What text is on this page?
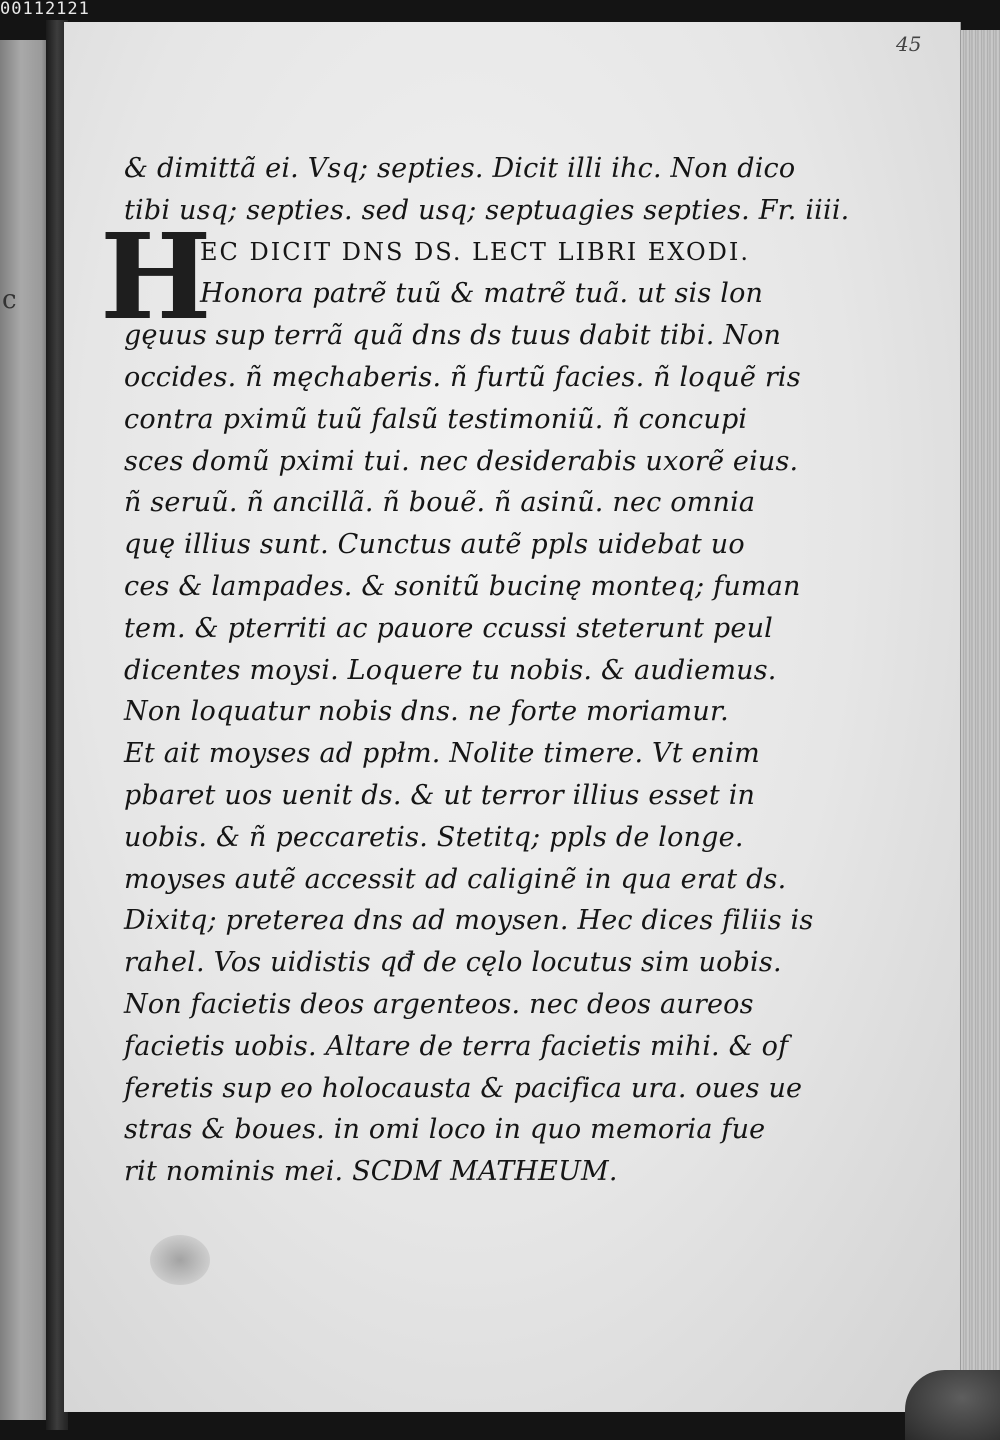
00112121
c
45
H
& dimittã ei. Vsq; septies. Dicit illi ihc. Non dico
tibi usq; septies. sed usq; septuagies septies. Fr. iiii.
EC DICIT DNS DS. LECT LIBRI EXODI.
Honora patrẽ tuũ & matrẽ tuã. ut sis lon
gęuus sup terrã quã dns ds tuus dabit tibi. Non
occides. ñ męchaberis. ñ furtũ facies. ñ loquẽ ris
contra pximũ tuũ falsũ testimoniũ. ñ concupi
sces domũ pximi tui. nec desiderabis uxorẽ eius.
ñ seruũ. ñ ancillã. ñ bouẽ. ñ asinũ. nec omnia
quę illius sunt. Cunctus autẽ ppls uidebat uo
ces & lampades. & sonitũ bucinę monteq; fuman
tem. & pterriti ac pauore ccussi steterunt peul
dicentes moysi. Loquere tu nobis. & audiemus.
Non loquatur nobis dns. ne forte moriamur.
Et ait moyses ad ppłm. Nolite timere. Vt enim
pbaret uos uenit ds. & ut terror illius esset in
uobis. & ñ peccaretis. Stetitq; ppls de longe.
moyses autẽ accessit ad caliginẽ in qua erat ds.
Dixitq; preterea dns ad moysen. Hec dices filiis is
rahel. Vos uidistis qđ de cęlo locutus sim uobis.
Non facietis deos argenteos. nec deos aureos
facietis uobis. Altare de terra facietis mihi. & of
feretis sup eo holocausta & pacifica ura. oues ue
stras & boues. in omi loco in quo memoria fue
rit nominis mei. SCDM MATHEUM.
